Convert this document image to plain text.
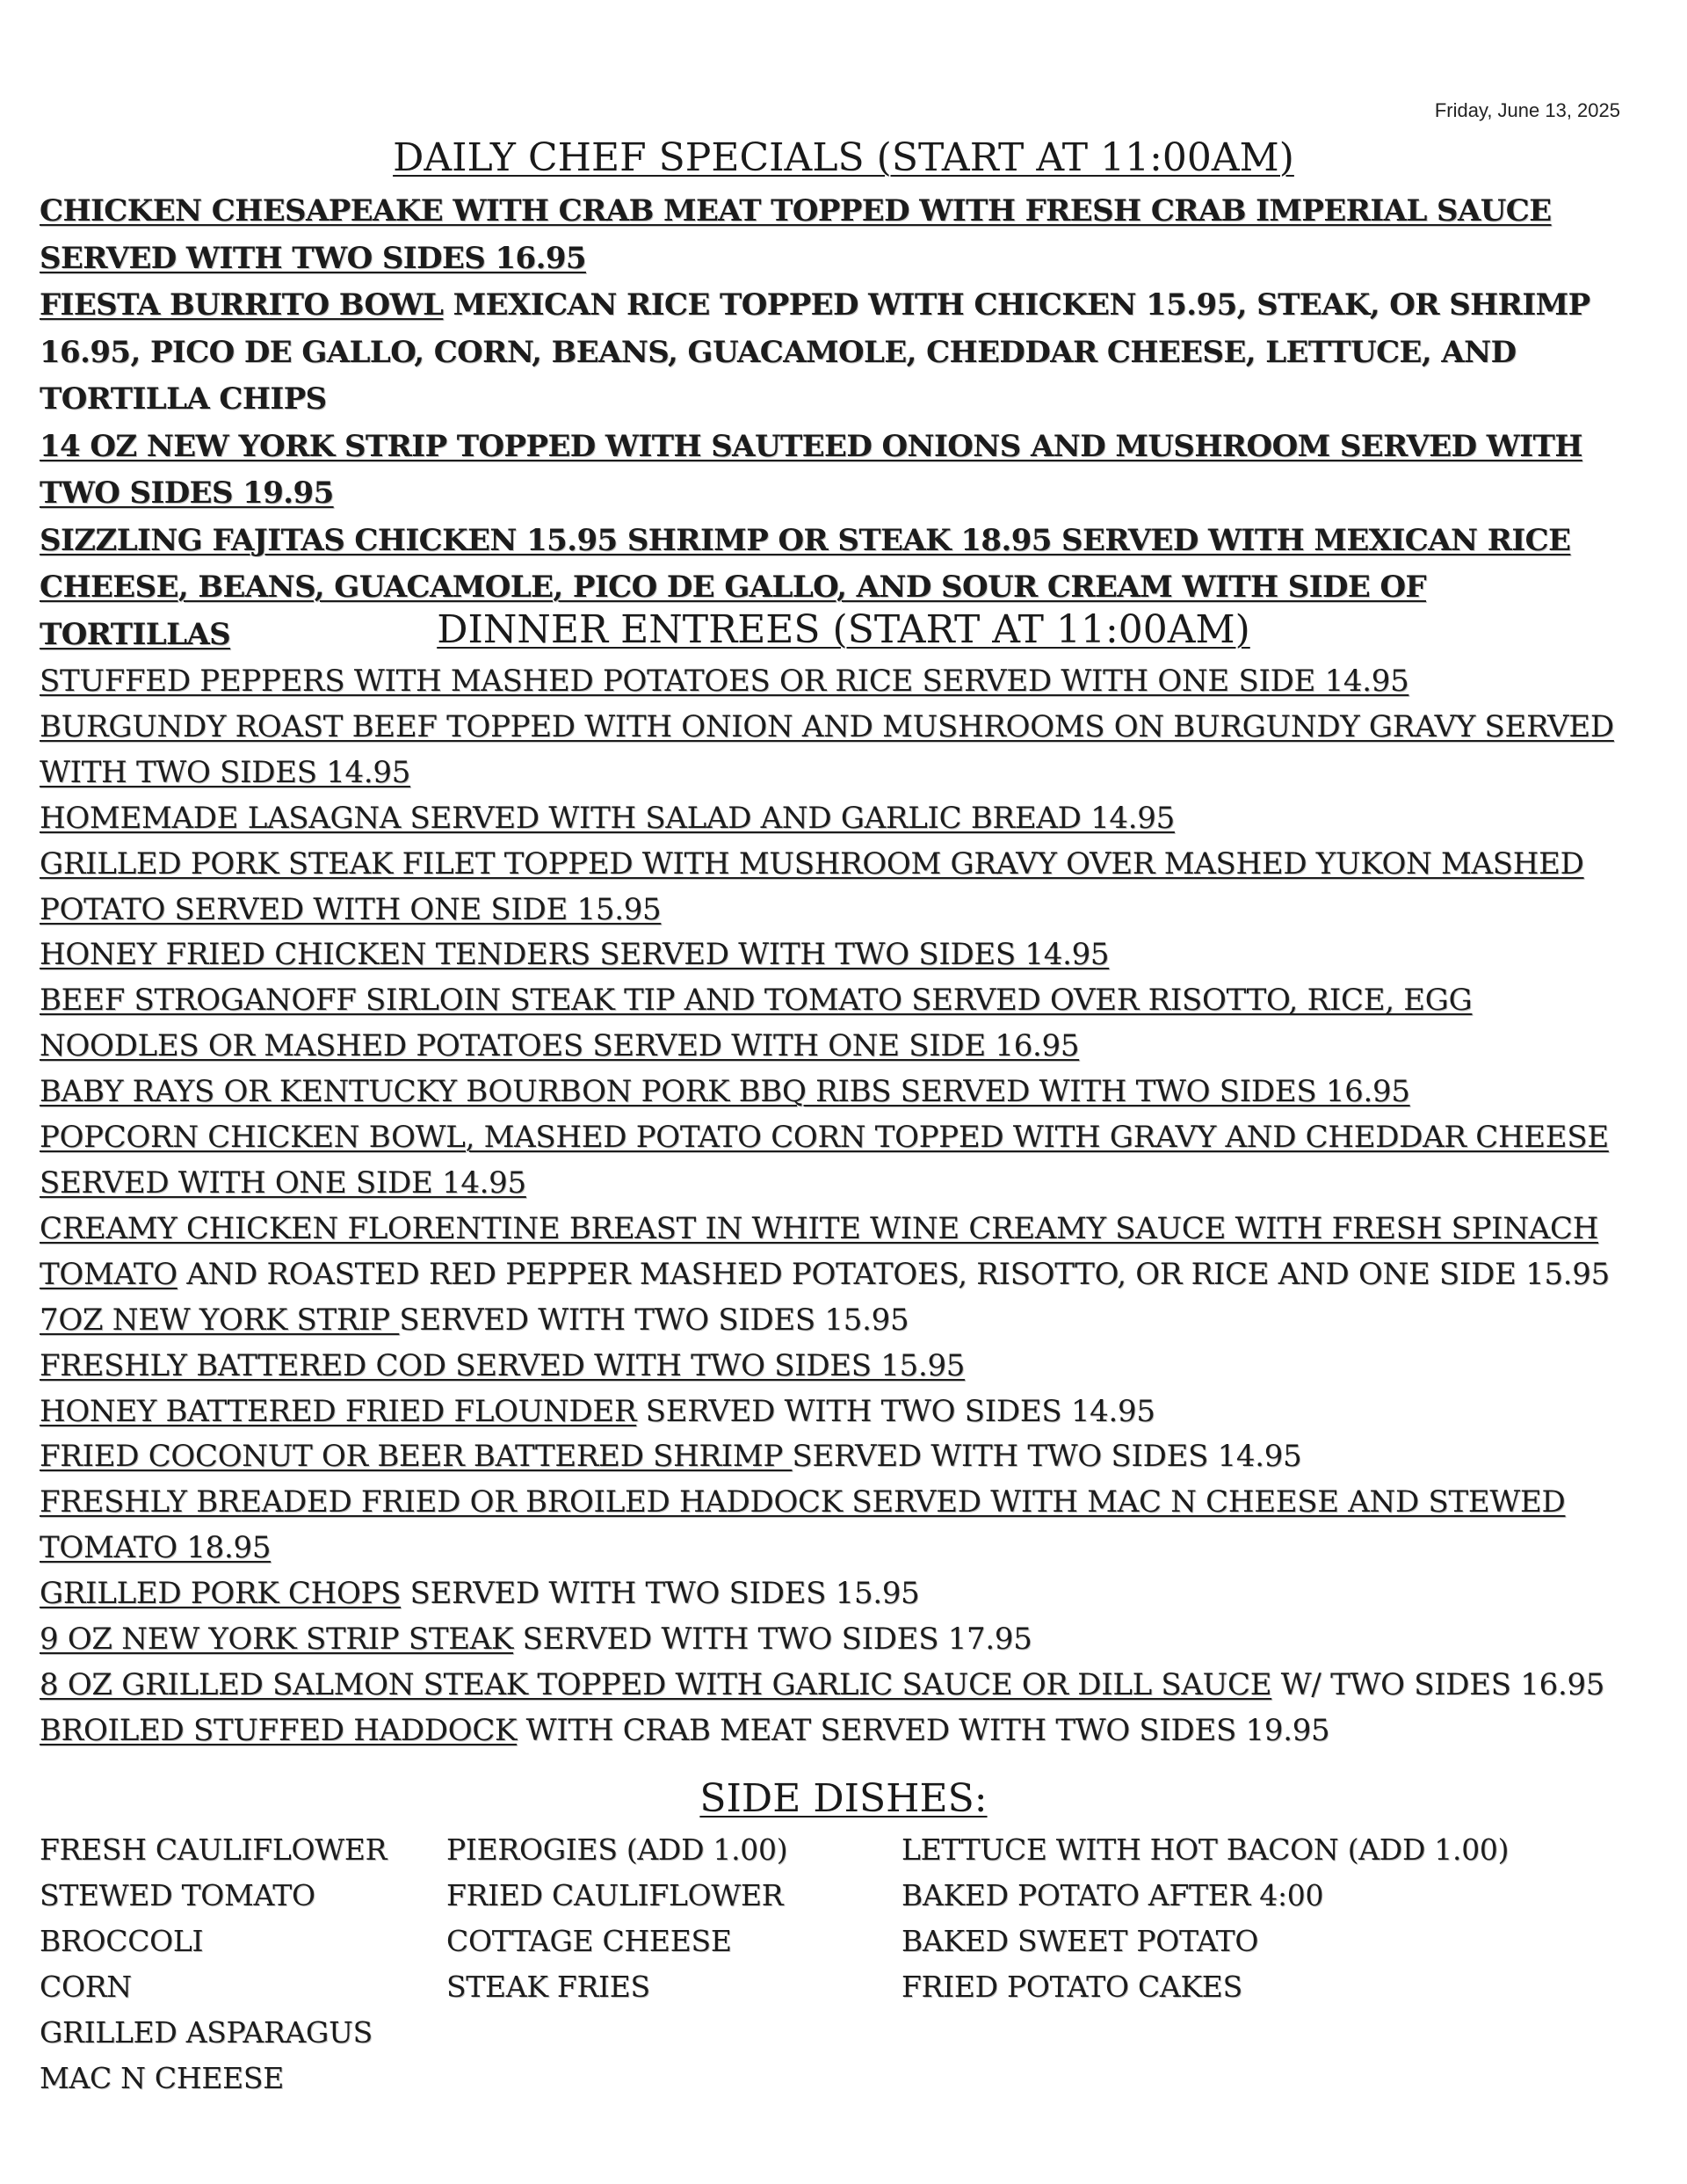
Friday, June 13, 2025
DAILY CHEF SPECIALS (START AT 11:00AM)
CHICKEN CHESAPEAKE WITH CRAB MEAT TOPPED WITH FRESH CRAB IMPERIAL SAUCE SERVED WITH TWO SIDES 16.95
FIESTA BURRITO BOWL MEXICAN RICE TOPPED WITH CHICKEN 15.95, STEAK, OR SHRIMP 16.95, PICO DE GALLO, CORN, BEANS, GUACAMOLE, CHEDDAR CHEESE, LETTUCE, AND TORTILLA CHIPS
14 OZ NEW YORK STRIP TOPPED WITH SAUTEED ONIONS AND MUSHROOM SERVED WITH TWO SIDES 19.95
SIZZLING FAJITAS CHICKEN 15.95 SHRIMP OR STEAK 18.95 SERVED WITH MEXICAN RICE CHEESE, BEANS, GUACAMOLE, PICO DE GALLO, AND SOUR CREAM WITH SIDE OF TORTILLAS	DINNER ENTREES (START AT 11:00AM)
STUFFED PEPPERS WITH MASHED POTATOES OR RICE SERVED WITH ONE SIDE 14.95
BURGUNDY ROAST BEEF TOPPED WITH ONION AND MUSHROOMS ON BURGUNDY GRAVY SERVED WITH TWO SIDES 14.95
HOMEMADE LASAGNA SERVED WITH SALAD AND GARLIC BREAD 14.95
GRILLED PORK STEAK FILET TOPPED WITH MUSHROOM GRAVY OVER MASHED YUKON MASHED POTATO SERVED WITH ONE SIDE 15.95
HONEY FRIED CHICKEN TENDERS SERVED WITH TWO SIDES 14.95
BEEF STROGANOFF SIRLOIN STEAK TIP AND TOMATO SERVED OVER RISOTTO, RICE, EGG NOODLES OR MASHED POTATOES SERVED WITH ONE SIDE 16.95
BABY RAYS OR KENTUCKY BOURBON PORK BBQ RIBS SERVED WITH TWO SIDES 16.95
POPCORN CHICKEN BOWL, MASHED POTATO CORN TOPPED WITH GRAVY AND CHEDDAR CHEESE SERVED WITH ONE SIDE 14.95
CREAMY CHICKEN FLORENTINE BREAST IN WHITE WINE CREAMY SAUCE WITH FRESH SPINACH TOMATO AND ROASTED RED PEPPER MASHED POTATOES, RISOTTO, OR RICE AND ONE SIDE 15.95
7OZ NEW YORK STRIP SERVED WITH TWO SIDES 15.95
FRESHLY BATTERED COD SERVED WITH TWO SIDES 15.95
HONEY BATTERED FRIED FLOUNDER SERVED WITH TWO SIDES 14.95
FRIED COCONUT OR BEER BATTERED SHRIMP SERVED WITH TWO SIDES 14.95
FRESHLY BREADED FRIED OR BROILED HADDOCK SERVED WITH MAC N CHEESE AND STEWED TOMATO 18.95
GRILLED PORK CHOPS SERVED WITH TWO SIDES 15.95
9 OZ NEW YORK STRIP STEAK SERVED WITH TWO SIDES 17.95
8 OZ GRILLED SALMON STEAK TOPPED WITH GARLIC SAUCE OR DILL SAUCE W/ TWO SIDES 16.95
BROILED STUFFED HADDOCK WITH CRAB MEAT SERVED WITH TWO SIDES 19.95
SIDE DISHES:
FRESH CAULIFLOWER
STEWED TOMATO
BROCCOLI
CORN
GRILLED ASPARAGUS
MAC N CHEESE
PIEROGIES (ADD 1.00)
FRIED CAULIFLOWER
COTTAGE CHEESE
STEAK FRIES
LETTUCE WITH HOT BACON (ADD 1.00)
BAKED POTATO AFTER 4:00
BAKED SWEET POTATO
FRIED POTATO CAKES
